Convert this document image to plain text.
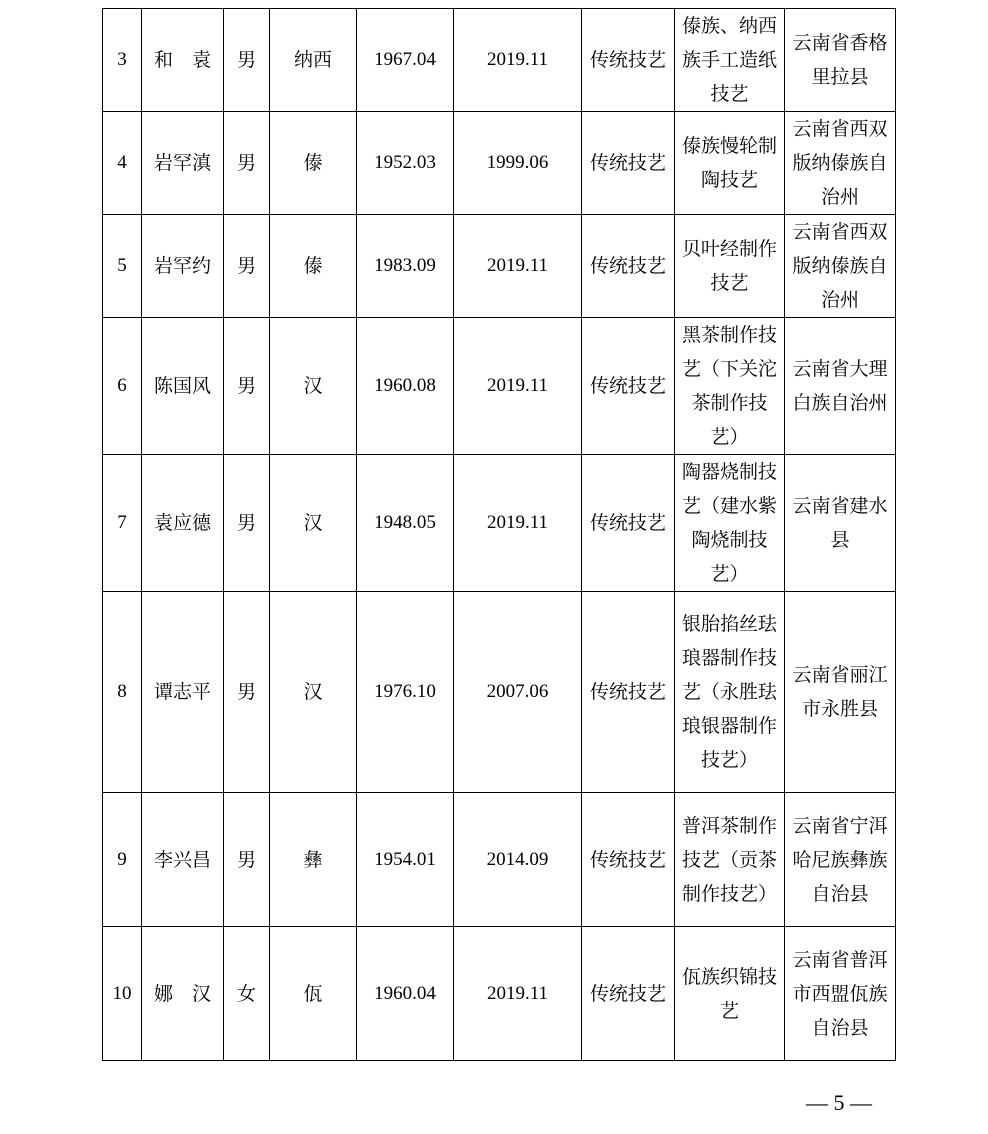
3	和　袁	男	纳西	1967.04	2019.11	传统技艺	傣族、纳西族手工造纸技艺	云南省香格里拉县
4	岩罕滇	男	傣	1952.03	1999.06	传统技艺	傣族慢轮制陶技艺	云南省西双版纳傣族自治州
5	岩罕约	男	傣	1983.09	2019.11	传统技艺	贝叶经制作技艺	云南省西双版纳傣族自治州
6	陈国风	男	汉	1960.08	2019.11	传统技艺	黑茶制作技艺（下关沱茶制作技艺）	云南省大理白族自治州
7	袁应德	男	汉	1948.05	2019.11	传统技艺	陶器烧制技艺（建水紫陶烧制技艺）	云南省建水县
8	谭志平	男	汉	1976.10	2007.06	传统技艺	银胎掐丝珐琅器制作技艺（永胜珐琅银器制作技艺）	云南省丽江市永胜县
9	李兴昌	男	彝	1954.01	2014.09	传统技艺	普洱茶制作技艺（贡茶制作技艺）	云南省宁洱哈尼族彝族自治县
10	娜　汉	女	佤	1960.04	2019.11	传统技艺	佤族织锦技艺	云南省普洱市西盟佤族自治县
— 5 —
